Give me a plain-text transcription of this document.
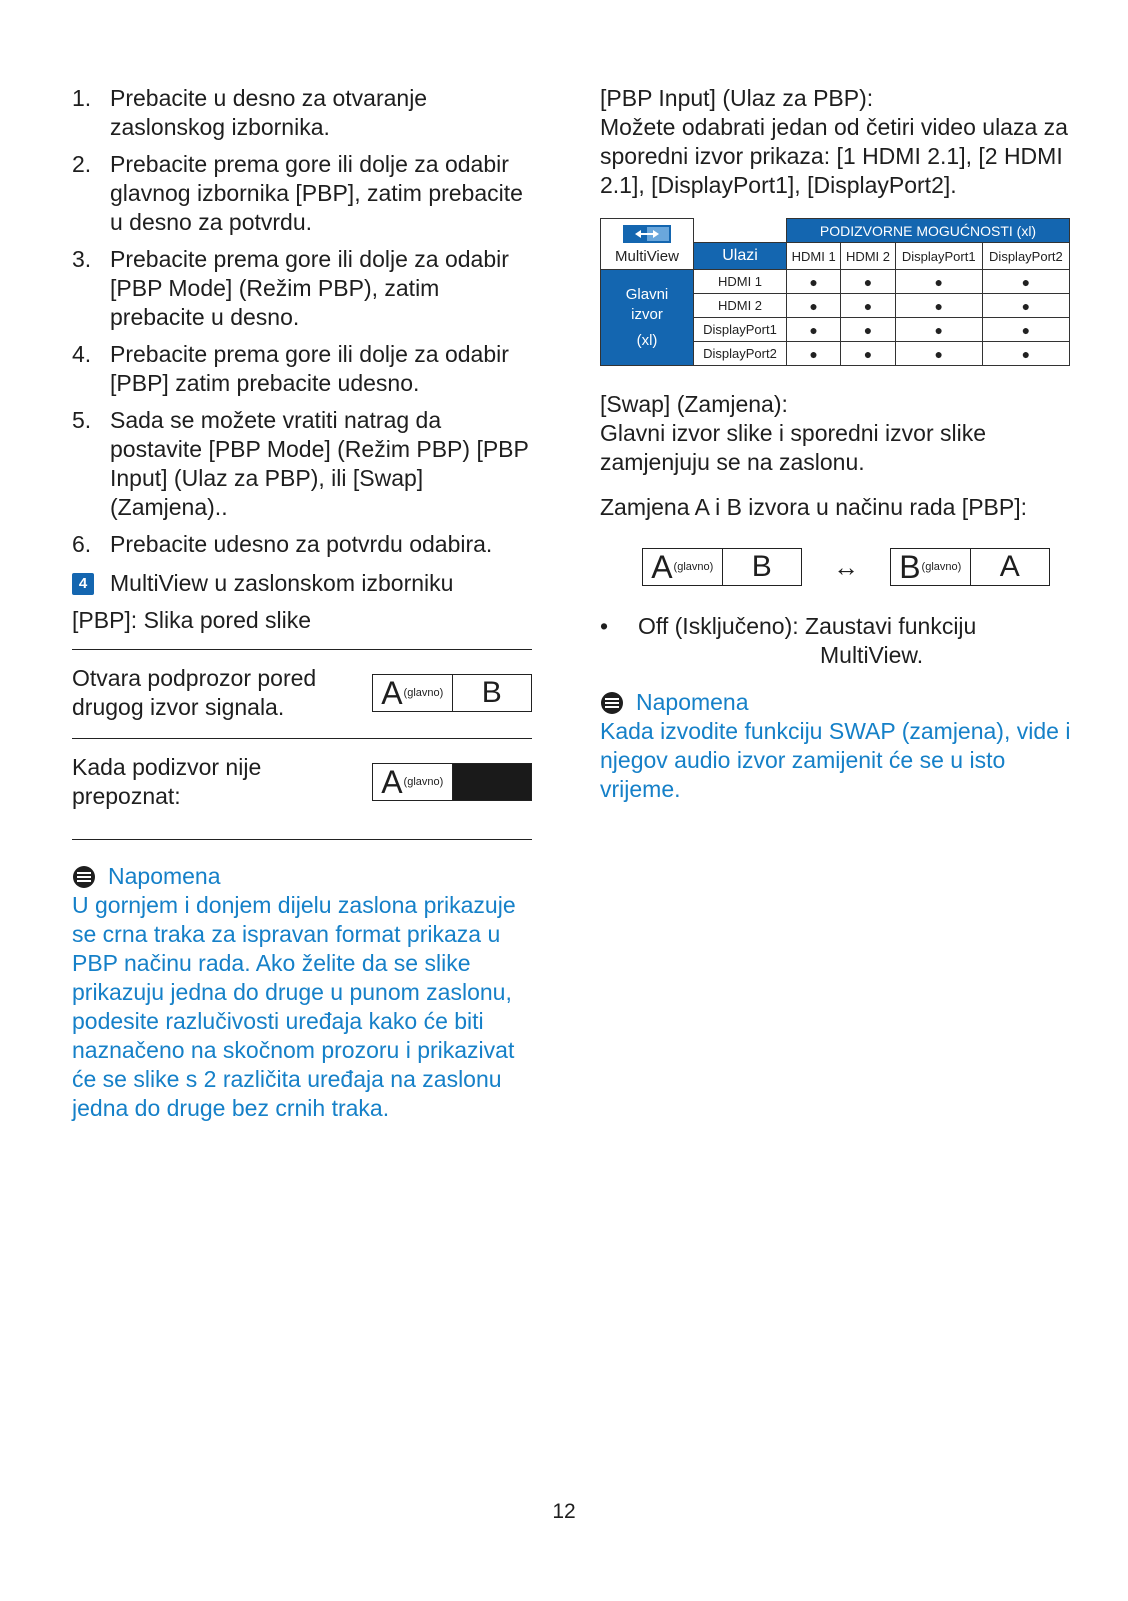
1. Prebacite u desno za otvaranje zaslonskog izbornika.
2. Prebacite prema gore ili dolje za odabir glavnog izbornika [PBP], zatim prebacite u desno za potvrdu.
3. Prebacite prema gore ili dolje za odabir [PBP Mode] (Režim PBP), zatim prebacite u desno.
4. Prebacite prema gore ili dolje za odabir [PBP] zatim prebacite udesno.
5. Sada se možete vratiti natrag da postavite [PBP Mode] (Režim PBP) [PBP Input] (Ulaz za PBP), ili [Swap] (Zamjena)..
6. Prebacite udesno za potvrdu odabira.
4 MultiView u zaslonskom izborniku

[PBP]: Slika pored slike

Otvara podprozor pored drugog izvor signala.	A (glavno)	B
Kada podizvor nije prepoznat:	A (glavno)
Napomena
U gornjem i donjem dijelu zaslona prikazuje se crna traka za ispravan format prikaza u PBP načinu rada. Ako želite da se slike prikazuju jedna do druge u punom zaslonu, podesite razlučivosti uređaja kako će biti naznačeno na skočnom prozoru i prikazivat će se slike s 2 različita uređaja na zaslonu jedna do druge bez crnih traka.

[PBP Input] (Ulaz za PBP):

Možete odabrati jedan od četiri video ulaza za sporedni izvor prikaza: [1 HDMI 2.1], [2 HDMI 2.1], [DisplayPort1], [DisplayPort2].

MultiView		PODIZVORNE MOGUĆNOSTI (xl)			
	Ulazi	HDMI 1	HDMI 2	DisplayPort1	DisplayPort2

Glavni
izvor
(xl)	HDMI 1	●	●	●	●
	HDMI 2	●	●	●	●
	DisplayPort1	●	●	●	●
	DisplayPort2	●	●	●	●

[Swap] (Zamjena):

Glavni izvor slike i sporedni izvor slike zamjenjuju se na zaslonu.

Zamjena A i B izvora u načinu rada [PBP]:

A (glavno)	B	↔	B (glavno)	A
•	Off (Isključeno): Zaustavi funkciju
MultiView.
Napomena
Kada izvodite funkciju SWAP (zamjena), vide i njegov audio izvor zamijenit će se u isto vrijeme.
12
